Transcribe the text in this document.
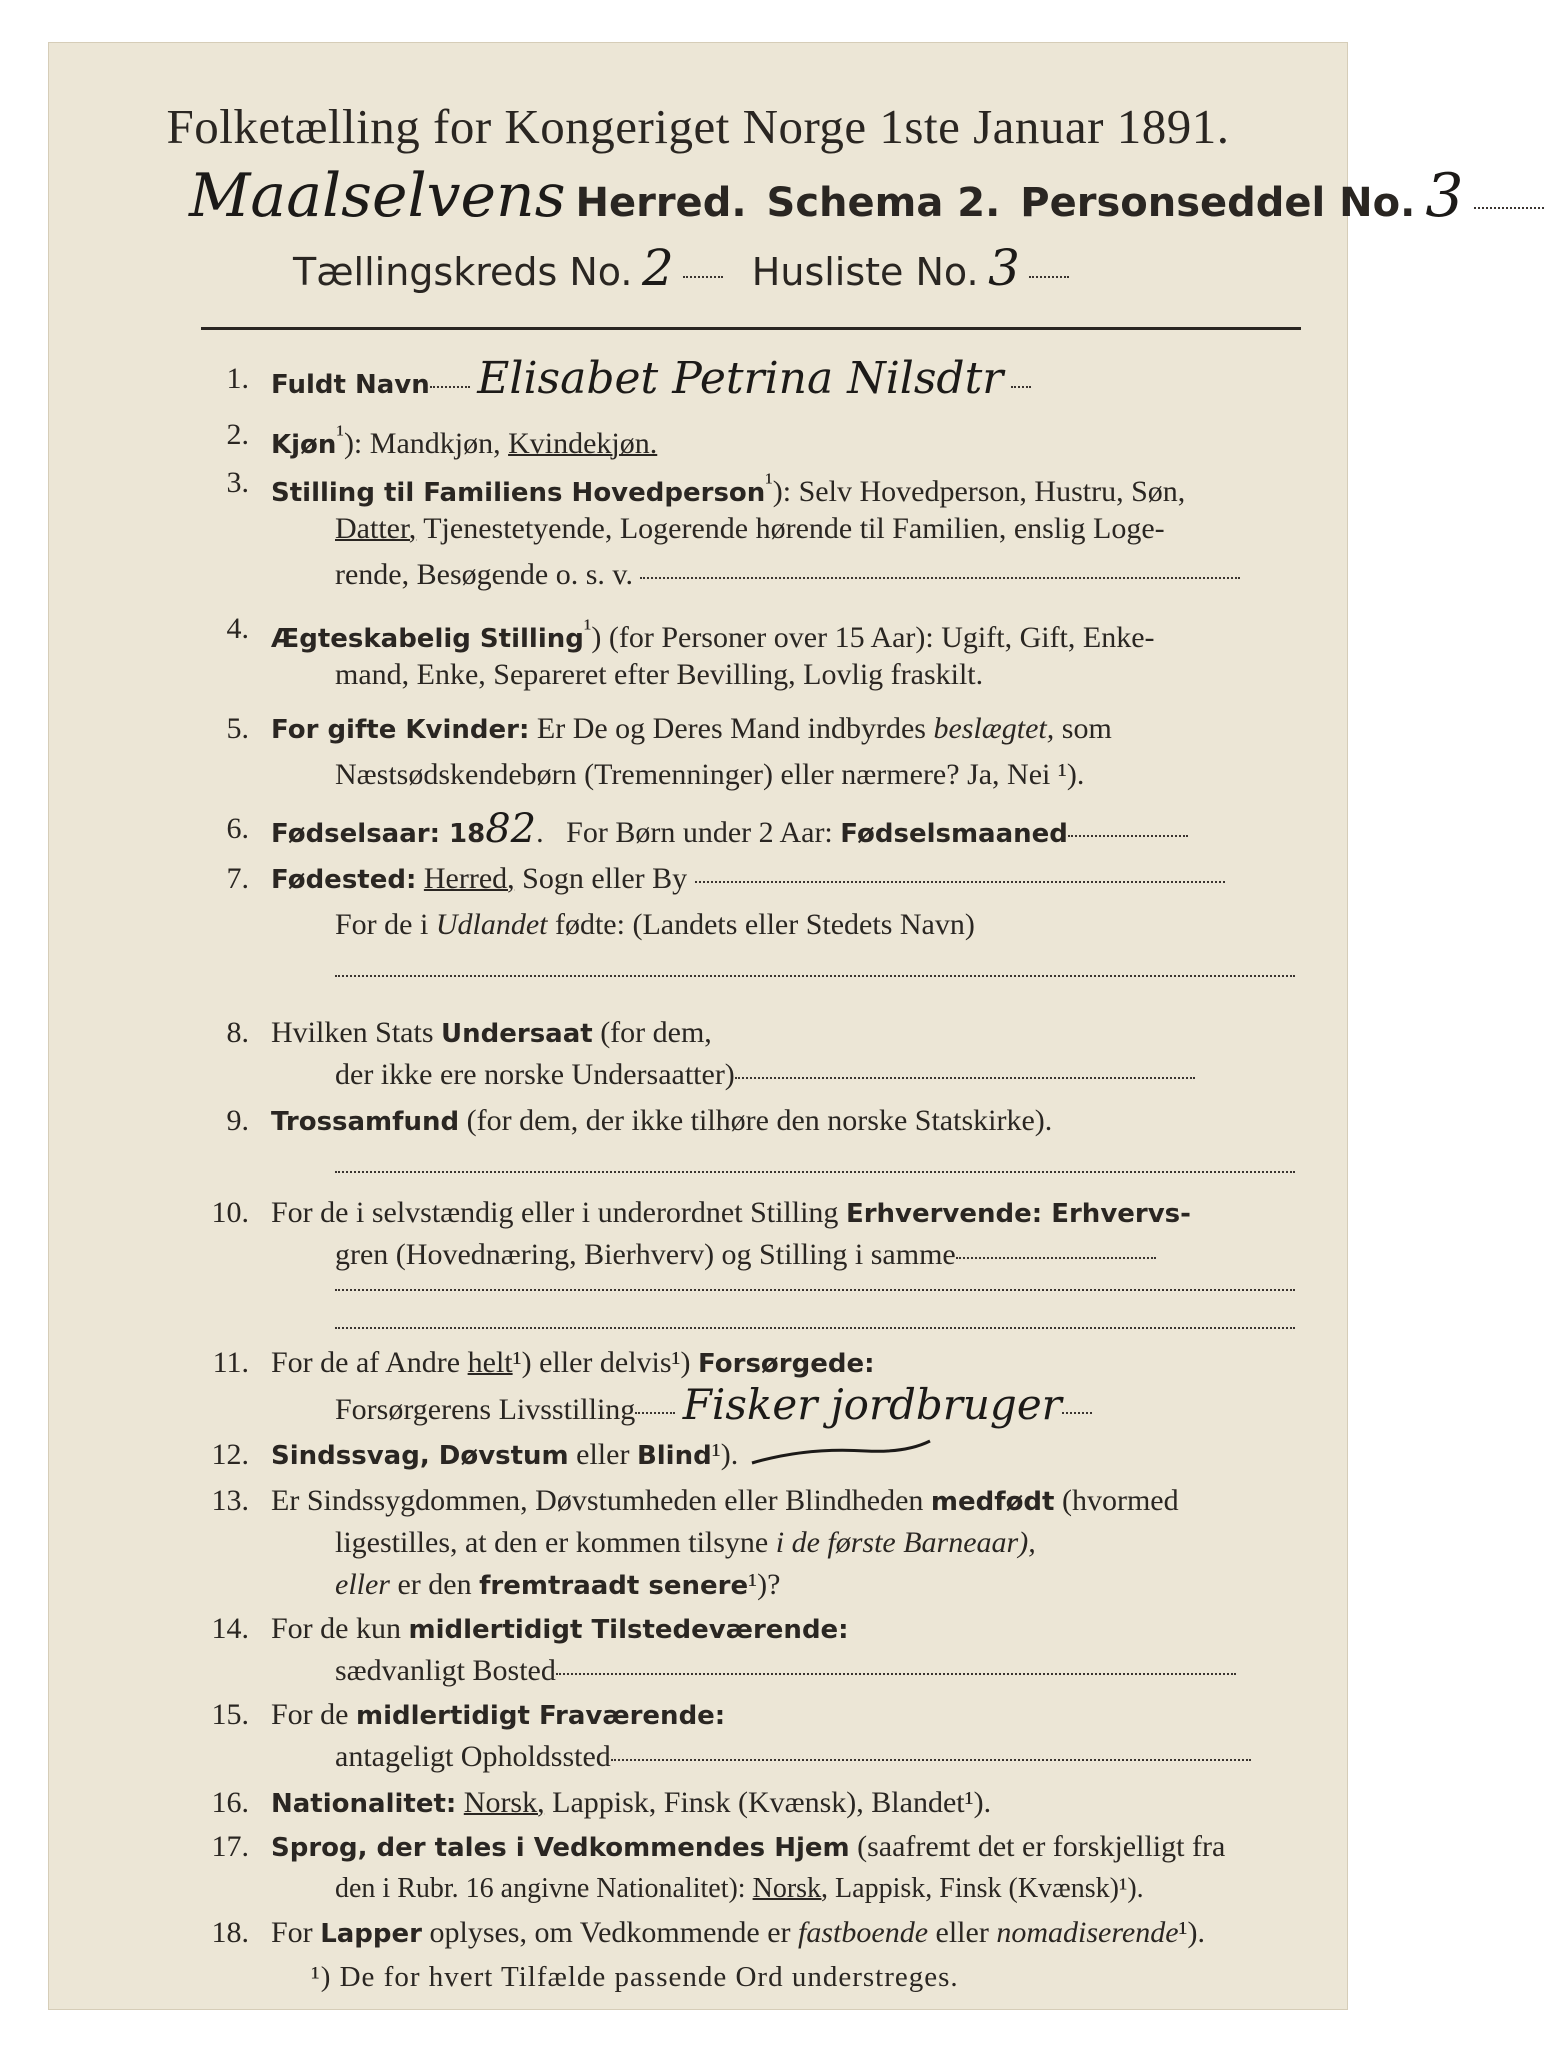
Folketælling for Kongeriget Norge 1ste Januar 1891.
Maalselvens Herred. Schema 2. Personseddel No. 3
Tællingskreds No. 2 Husliste No. 3
1. Fuldt Navn Elisabet Petrina Nilsdtr
2. Kjøn$^{^1}$): Mandkjøn, Kvindekjøn.
3. Stilling til Familiens Hovedperson$^{^1}$): Selv Hovedperson, Hustru, Søn,
Datter, Tjenestetyende, Logerende hørende til Familien, enslig Loge-
rende, Besøgende o. s. v.
4. Ægteskabelig Stilling$^{^1}$) (for Personer over 15 Aar): Ugift, Gift, Enke-
mand, Enke, Separeret efter Bevilling, Lovlig fraskilt.
5. For gifte Kvinder: Er De og Deres Mand indbyrdes beslægtet, som
Næstsødskendebørn (Tremenninger) eller nærmere? Ja, Nei ¹).
6. Fødselsaar: 1882.   For Børn under 2 Aar: Fødselsmaaned
7. Fødested: Herred, Sogn eller By
For de i Udlandet fødte: (Landets eller Stedets Navn)
8. Hvilken Stats Undersaat (for dem,
der ikke ere norske Undersaatter)
9. Trossamfund (for dem, der ikke tilhøre den norske Statskirke).
10. For de i selvstændig eller i underordnet Stilling Erhvervende: Erhvervs-
gren (Hovednæring, Bierhverv) og Stilling i samme
11. For de af Andre helt¹) eller delvis¹) Forsørgede:
Forsørgerens Livsstilling Fisker jordbruger
12. Sindssvag, Døvstum eller Blind¹).
13. Er Sindssygdommen, Døvstumheden eller Blindheden medfødt (hvormed
ligestilles, at den er kommen tilsyne i de første Barneaar),
eller er den fremtraadt senere¹)?
14. For de kun midlertidigt Tilstedeværende:
sædvanligt Bosted
15. For de midlertidigt Fraværende:
antageligt Opholdssted
16. Nationalitet: Norsk, Lappisk, Finsk (Kvænsk), Blandet¹).
17. Sprog, der tales i Vedkommendes Hjem (saafremt det er forskjelligt fra
den i Rubr. 16 angivne Nationalitet): Norsk, Lappisk, Finsk (Kvænsk)¹).
18. For Lapper oplyses, om Vedkommende er fastboende eller nomadiserende¹).
¹) De for hvert Tilfælde passende Ord understreges.
